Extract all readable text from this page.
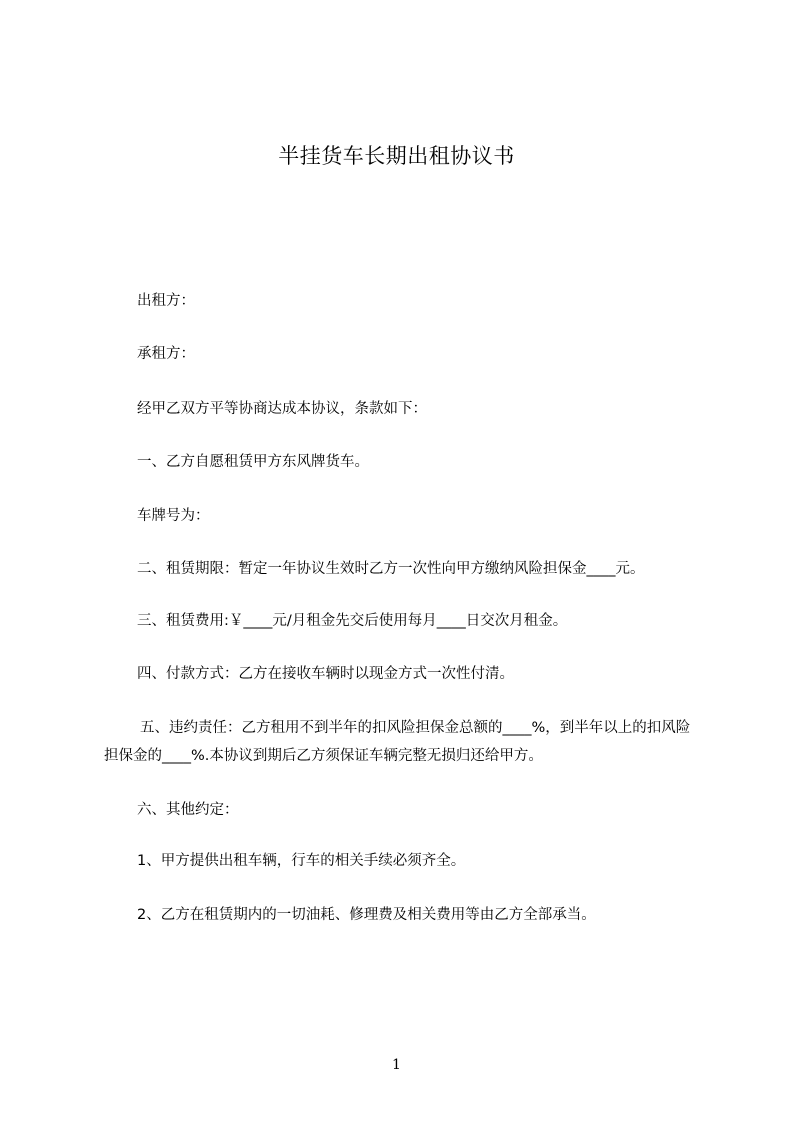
半挂货车长期出租协议书

出租方：

承租方：

经甲乙双方平等协商达成本协议，条款如下：

一、乙方自愿租赁甲方东风牌货车。

车牌号为：

二、租赁期限：暂定一年协议生效时乙方一次性向甲方缴纳风险担保金____元。

三、租赁费用:￥____元/月租金先交后使用每月____日交次月租金。

四、付款方式：乙方在接收车辆时以现金方式一次性付清。

五、违约责任：乙方租用不到半年的扣风险担保金总额的____%，到半年以上的扣风险担保金的____%.本协议到期后乙方须保证车辆完整无损归还给甲方。

六、其他约定：

1、甲方提供出租车辆，行车的相关手续必须齐全。

2、乙方在租赁期内的一切油耗、修理费及相关费用等由乙方全部承当。

1
